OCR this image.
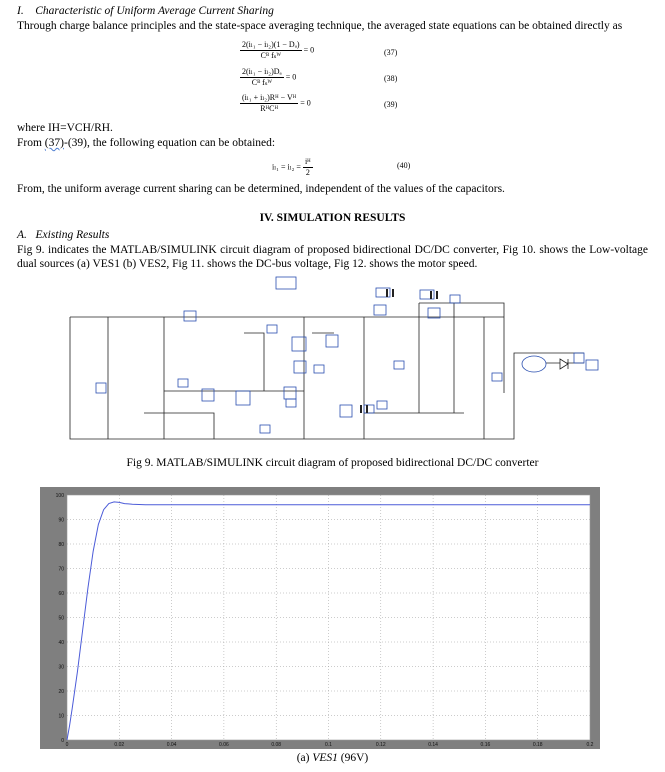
I. Characteristic of Uniform Average Current Sharing
Through charge balance principles and the state-space averaging technique, the averaged state equations can be obtained directly as
$\frac{\text{2(iₗ₁ − iₗ₂)(1 − Dₐ)}}{\text{Cᴮ fₛᵂ}} = 0$	(37)
$\frac{\text{2(iₗ₁ − iₗ₂)Dₐ}}{\text{Cᴮ fₛᵂ}} = 0$	(38)
$\frac{\text{(iₗ₁ + iₗ₂)Rᴴ − Vᴴ}}{\text{RᴴCᴴ}} = 0$	(39)
where IH=VCH/RH.
From (37)-(39), the following equation can be obtained:
$i_{l1} = i_{l2} = \frac{\text{iᴴ}}{2}$	(40)
From, the uniform average current sharing can be determined, independent of the values of the capacitors.
IV. SIMULATION RESULTS
A. Existing Results
Fig 9. indicates the MATLAB/SIMULINK circuit diagram of proposed bidirectional DC/DC converter, Fig 10. shows the Low-voltage dual sources (a) VES1 (b) VES2, Fig 11. shows the DC-bus voltage, Fig 12. shows the motor speed.
Fig 9. MATLAB/SIMULINK circuit diagram of proposed bidirectional DC/DC converter
0
10
20
30
40
50
60
70
80
90
100
0	0.02	0.04	0.06	0.08	0.1	0.12	0.14	0.16	0.18	0.2
(a) VES1 (96V)
